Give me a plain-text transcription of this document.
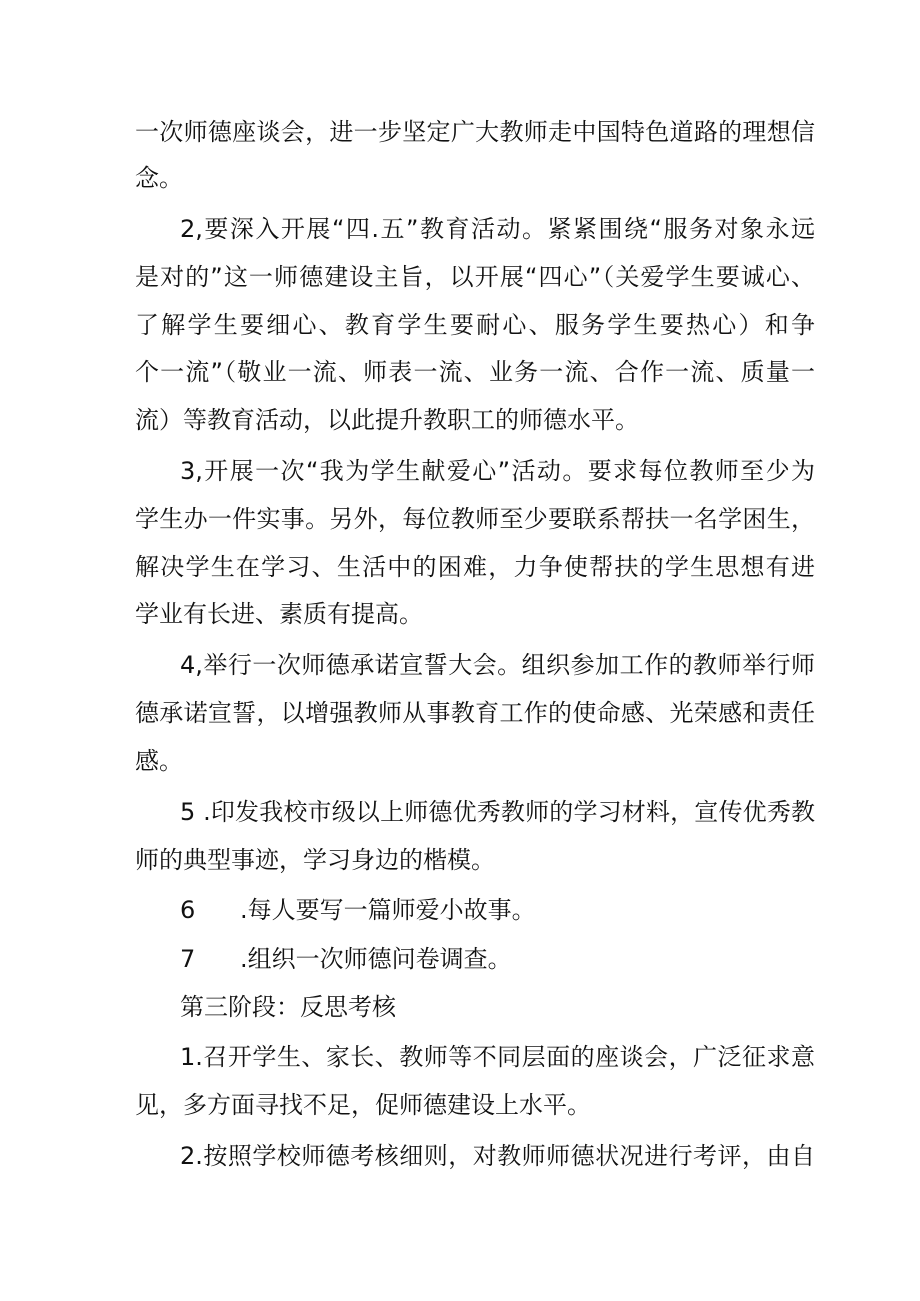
一次师德座谈会，进一步坚定广大教师走中国特色道路的理想信
念。
2,要深入开展“四.五”教育活动。紧紧围绕“服务对象永远
是对的”这一师德建设主旨，以开展“四心”（关爱学生要诚心、
了解学生要细心、教育学生要耐心、服务学生要热心）和争
个一流”（敬业一流、师表一流、业务一流、合作一流、质量一
流）等教育活动，以此提升教职工的师德水平。
3,开展一次“我为学生献爱心”活动。要求每位教师至少为
学生办一件实事。另外，每位教师至少要联系帮扶一名学困生，
解决学生在学习、生活中的困难，力争使帮扶的学生思想有进
学业有长进、素质有提高。
4,举行一次师德承诺宣誓大会。组织参加工作的教师举行师
德承诺宣誓，以增强教师从事教育工作的使命感、光荣感和责任
感。
5 .印发我校市级以上师德优秀教师的学习材料，宣传优秀教
师的典型事迹，学习身边的楷模。
6 .每人要写一篇师爱小故事。
7 .组织一次师德问卷调查。
第三阶段：反思考核
1.召开学生、家长、教师等不同层面的座谈会，广泛征求意
见，多方面寻找不足，促师德建设上水平。
2.按照学校师德考核细则，对教师师德状况进行考评，由自
